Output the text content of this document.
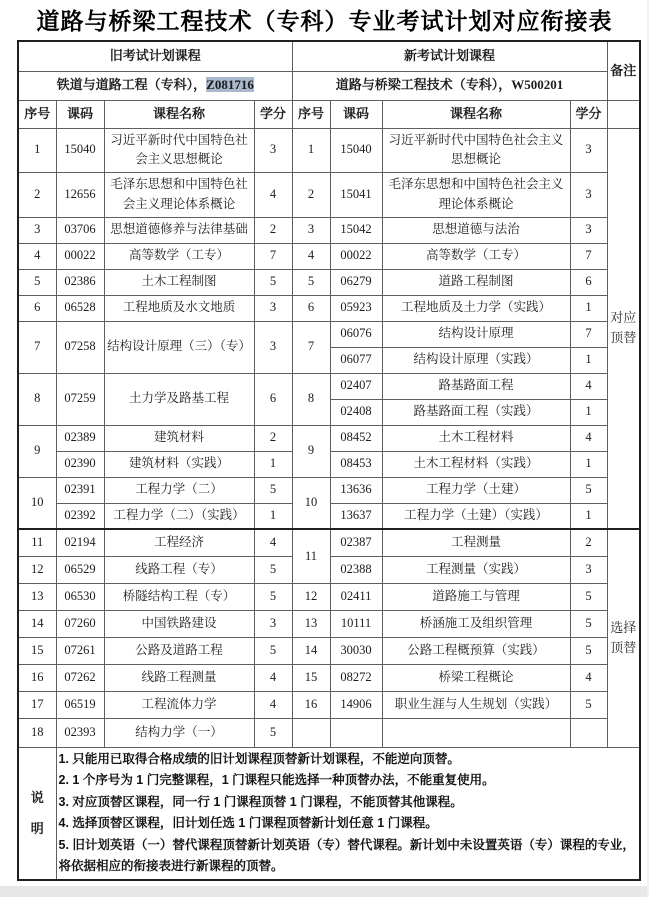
道路与桥梁工程技术（专科）专业考试计划对应衔接表
旧考试计划课程				新考试计划课程				备注
铁道与道路工程（专科），Z081716				道路与桥梁工程技术（专科），W500201				
序号	课码	课程名称	学分	序号	课码	课程名称	学分	
1	15040	习近平新时代中国特色社会主义思想概论	3	1	15040	习近平新时代中国特色社会主义思想概论	3	对应顶替
2	12656	毛泽东思想和中国特色社会主义理论体系概论	4	2	15041	毛泽东思想和中国特色社会主义理论体系概论	3	
3	03706	思想道德修养与法律基础	2	3	15042	思想道德与法治	3	
4	00022	高等数学（工专）	7	4	00022	高等数学（工专）	7	
5	02386	土木工程制图	5	5	06279	道路工程制图	6	
6	06528	工程地质及水文地质	3	6	05923	工程地质及土力学（实践）	1	
7	07258	结构设计原理（三）（专）	3	7	06076	结构设计原理	7	
					06077	结构设计原理（实践）	1	
8	07259	土力学及路基工程	6	8	02407	路基路面工程	4	
					02408	路基路面工程（实践）	1	
9	02389	建筑材料	2	9	08452	土木工程材料	4	
	02390	建筑材料（实践）	1		08453	土木工程材料（实践）	1	
10	02391	工程力学（二）	5	10	13636	工程力学（土建）	5	
	02392	工程力学（二）（实践）	1		13637	工程力学（土建）（实践）	1	
11	02194	工程经济	4	11	02387	工程测量	2	选择顶替
12	06529	线路工程（专）	5		02388	工程测量（实践）	3	
13	06530	桥隧结构工程（专）	5	12	02411	道路施工与管理	5	
14	07260	中国铁路建设	3	13	10111	桥涵施工及组织管理	5	
15	07261	公路及道路工程	5	14	30030	公路工程概预算（实践）	5	
16	07262	线路工程测量	4	15	08272	桥梁工程概论	4	
17	06519	工程流体力学	4	16	14906	职业生涯与人生规划（实践）	5	
18	02393	结构力学（一）	5					

说明	1. 只能用已取得合格成绩的旧计划课程顶替新计划课程，不能逆向顶替。
2. 1 个序号为 1 门完整课程，1 门课程只能选择一种顶替办法，不能重复使用。
3. 对应顶替区课程，同一行 1 门课程顶替 1 门课程，不能顶替其他课程。
4. 选择顶替区课程，旧计划任选 1 门课程顶替新计划任意 1 门课程。
5. 旧计划英语（一）替代课程顶替新计划英语（专）替代课程。新计划中未设置英语（专）课程的专业，将依据相应的衔接表进行新课程的顶替。							
